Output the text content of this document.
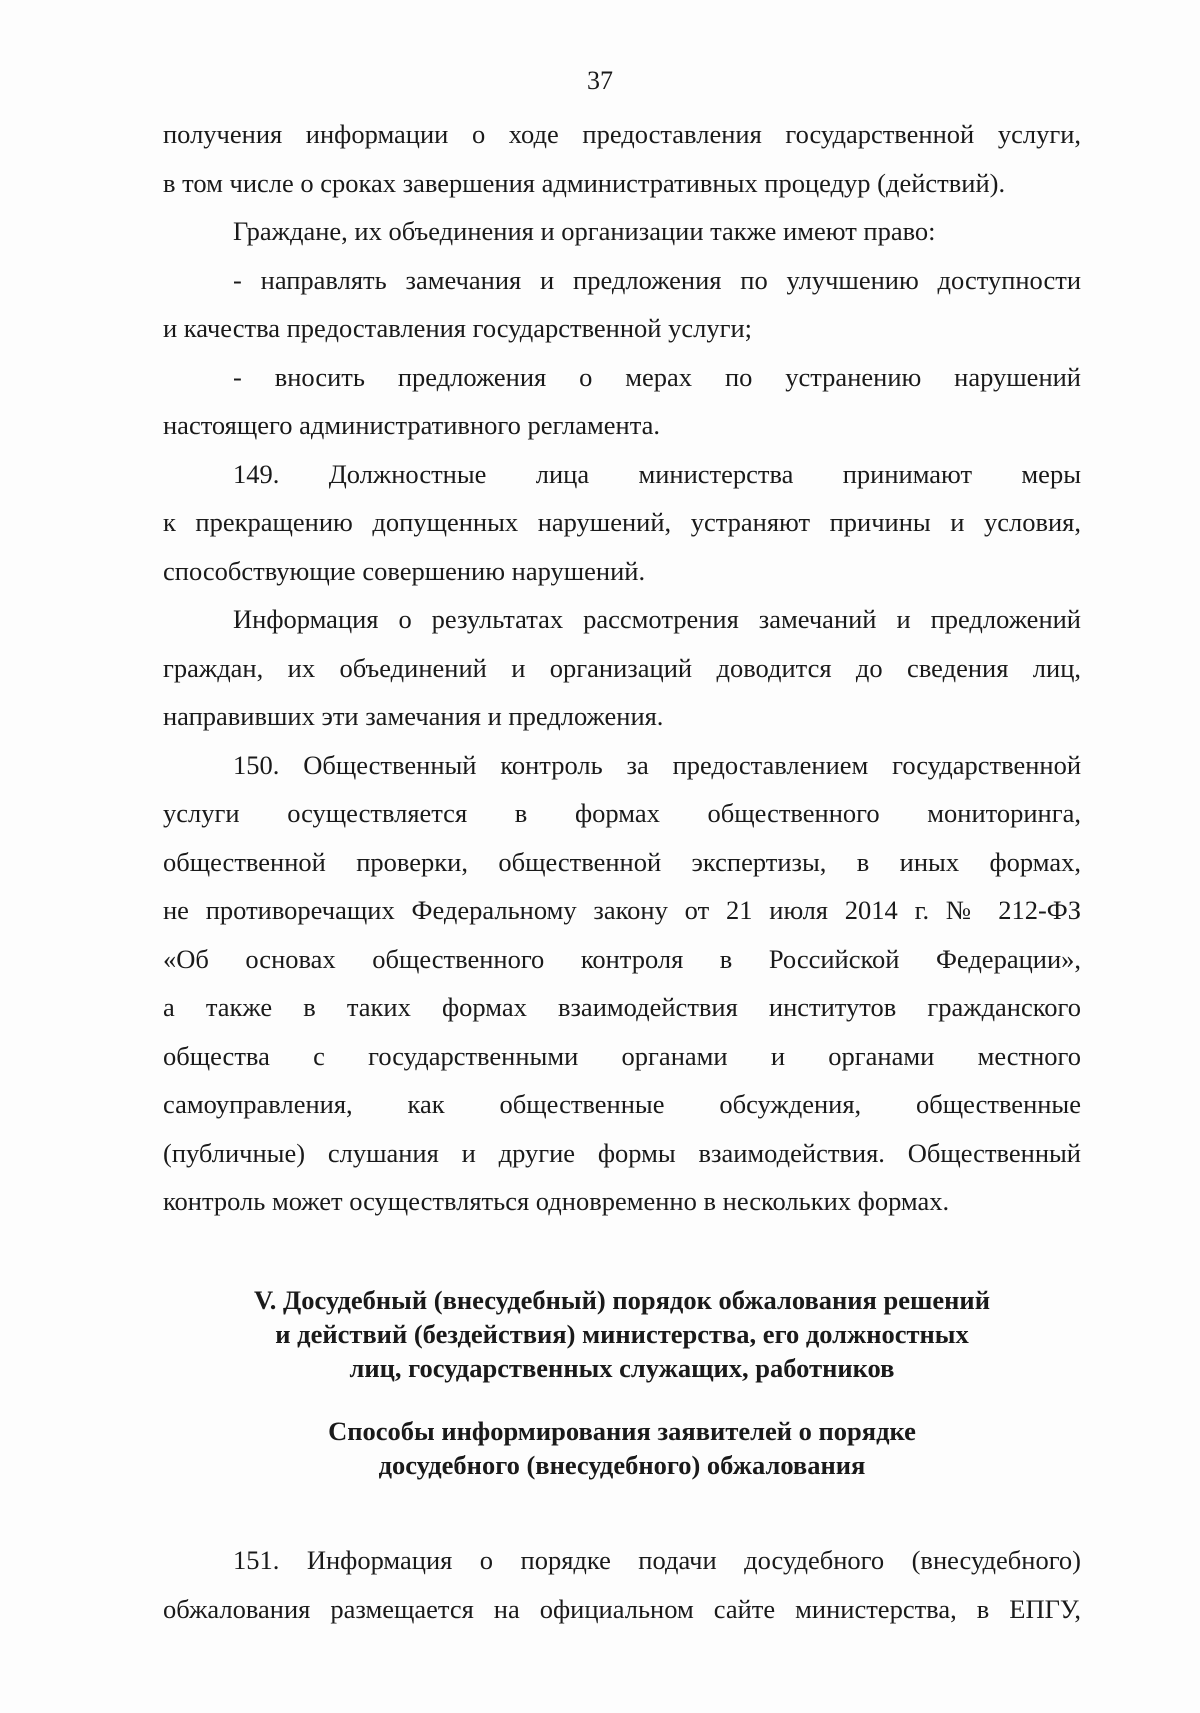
37
получения информации о ходе предоставления государственной услуги,
в том числе о сроках завершения административных процедур (действий).
Граждане, их объединения и организации также имеют право:
- направлять замечания и предложения по улучшению доступности
и качества предоставления государственной услуги;
- вносить предложения о мерах по устранению нарушений
настоящего административного регламента.
149. Должностные лица министерства принимают меры
к прекращению допущенных нарушений, устраняют причины и условия,
способствующие совершению нарушений.
Информация о результатах рассмотрения замечаний и предложений
граждан, их объединений и организаций доводится до сведения лиц,
направивших эти замечания и предложения.
150. Общественный контроль за предоставлением государственной
услуги осуществляется в формах общественного мониторинга,
общественной проверки, общественной экспертизы, в иных формах,
не противоречащих Федеральному закону от 21 июля 2014 г. № 212-ФЗ
«Об основах общественного контроля в Российской Федерации»,
а также в таких формах взаимодействия институтов гражданского
общества с государственными органами и органами местного
самоуправления, как общественные обсуждения, общественные
(публичные) слушания и другие формы взаимодействия. Общественный
контроль может осуществляться одновременно в нескольких формах.
V. Досудебный (внесудебный) порядок обжалования решений
и действий (бездействия) министерства, его должностных
лиц, государственных служащих, работников
Способы информирования заявителей о порядке
досудебного (внесудебного) обжалования
151. Информация о порядке подачи досудебного (внесудебного)
обжалования размещается на официальном сайте министерства, в ЕПГУ,
